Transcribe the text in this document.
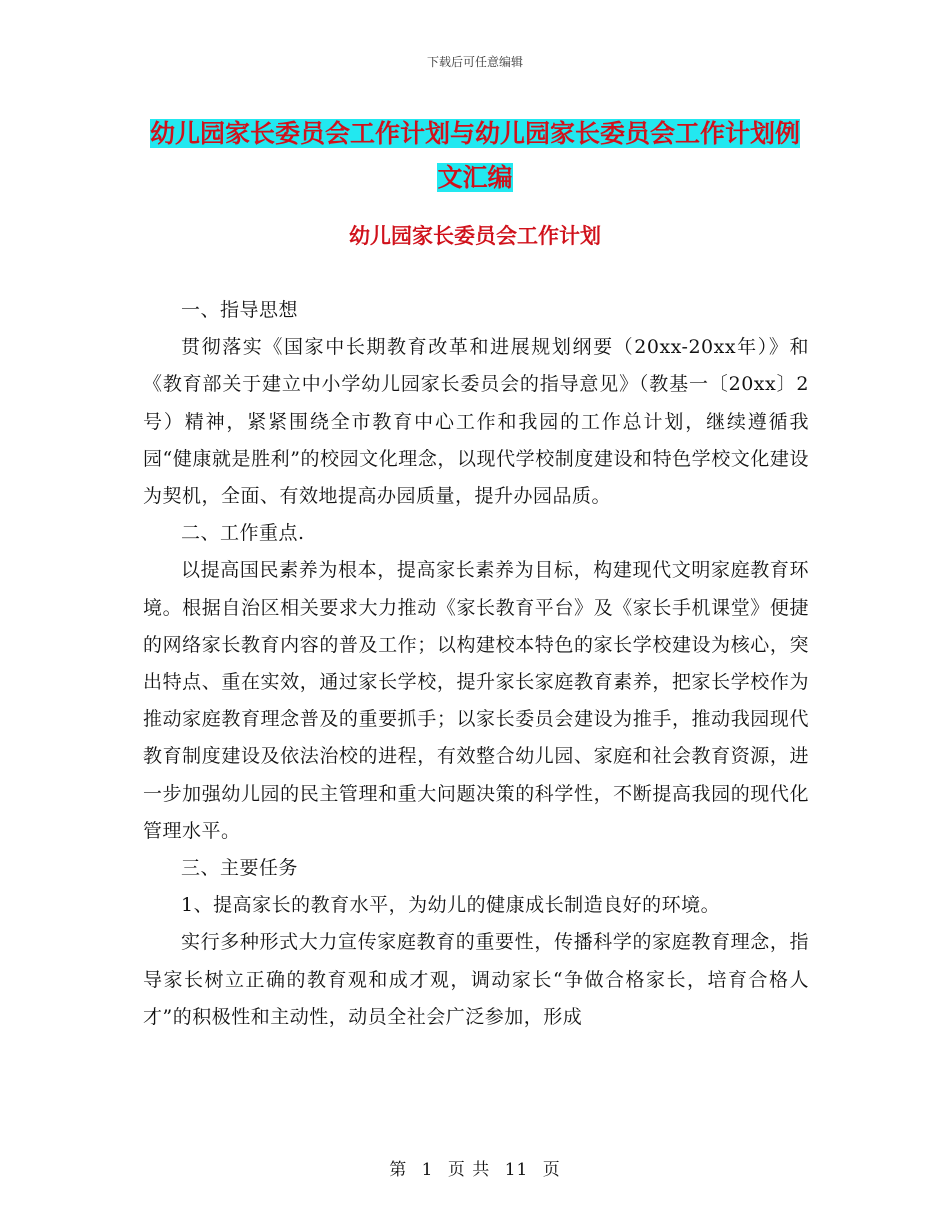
下载后可任意编辑
幼儿园家长委员会工作计划与幼儿园家长委员会工作计划例文汇编
幼儿园家长委员会工作计划

一、指导思想

贯彻落实《国家中长期教育改革和进展规划纲要（20xx-20xx年）》和《教育部关于建立中小学幼儿园家长委员会的指导意见》（教基一〔20xx〕2号）精神，紧紧围绕全市教育中心工作和我园的工作总计划，继续遵循我园“健康就是胜利”的校园文化理念，以现代学校制度建设和特色学校文化建设为契机，全面、有效地提高办园质量，提升办园品质。

二、工作重点.

以提高国民素养为根本，提高家长素养为目标，构建现代文明家庭教育环境。根据自治区相关要求大力推动《家长教育平台》及《家长手机课堂》便捷的网络家长教育内容的普及工作；以构建校本特色的家长学校建设为核心，突出特点、重在实效，通过家长学校，提升家长家庭教育素养，把家长学校作为推动家庭教育理念普及的重要抓手；以家长委员会建设为推手，推动我园现代教育制度建设及依法治校的进程，有效整合幼儿园、家庭和社会教育资源，进一步加强幼儿园的民主管理和重大问题决策的科学性，不断提高我园的现代化管理水平。

三、主要任务

1、提高家长的教育水平，为幼儿的健康成长制造良好的环境。

实行多种形式大力宣传家庭教育的重要性，传播科学的家庭教育理念，指导家长树立正确的教育观和成才观，调动家长“争做合格家长，培育合格人才”的积极性和主动性，动员全社会广泛参加，形成

第 1 页 共 11 页
